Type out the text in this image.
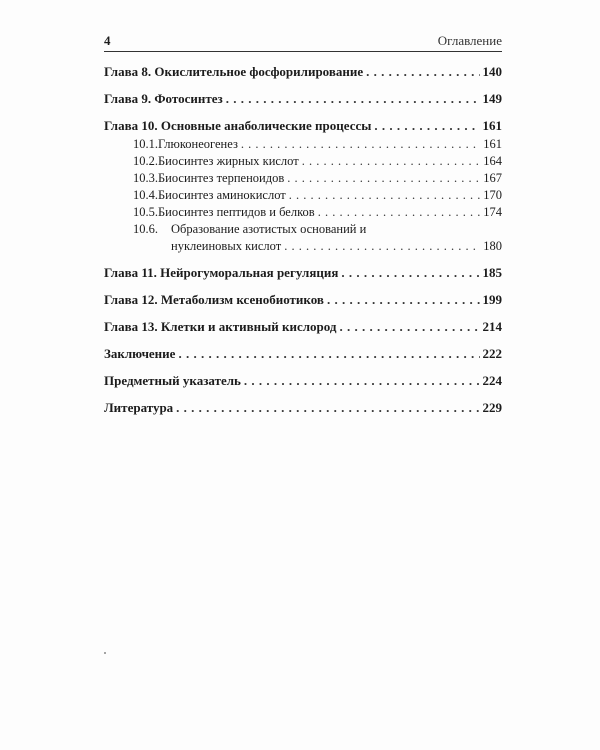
4	Оглавление
Глава 8. Окислительное фосфорилирование . . .	140
Глава 9. Фотосинтез . . .	149
Глава 10. Основные анаболические процессы . . .	161
10.1. Глюконеогенез . . .	161
10.2. Биосинтез жирных кислот . . .	164
10.3. Биосинтез терпеноидов . . .	167
10.4. Биосинтез аминокислот . . .	170
10.5. Биосинтез пептидов и белков . . .	174
10.6.	Образование азотистых оснований и
нуклеиновых кислот . . .	180
Глава 11. Нейрогуморальная регуляция . . .	185
Глава 12. Метаболизм ксенобиотиков . . .	199
Глава 13. Клетки и активный кислород . . .	214
Заключение . . .	222
Предметный указатель . . .	224
Литература . . .	229
